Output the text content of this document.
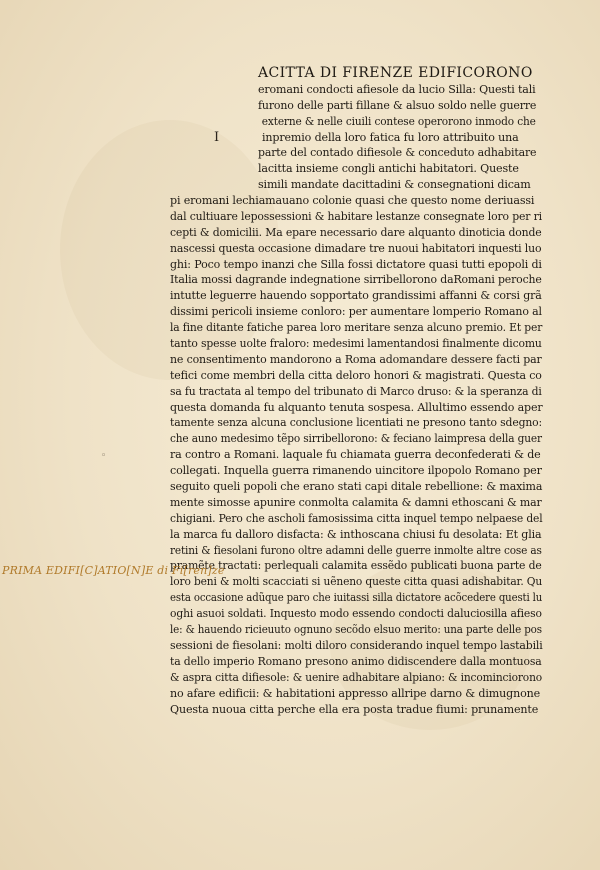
I
ACITTA DI FIRENZE EDIFICORONO
eromani condocti afiesole da lucio Silla: Questi tali
furono delle parti fillane & alsuo soldo nelle guerre
externe & nelle ciuili contese operorono inmodo che
inpremio della loro fatica fu loro attribuito una
parte del contado difiesole & conceduto adhabitare
lacitta insieme congli antichi habitatori. Queste
simili mandate dacittadini & consegnationi dicam
pi eromani lechiamauano colonie quasi che questo nome deriuassi
dal cultiuare lepossessioni & habitare lestanze consegnate loro per ri
cepti & domicilii. Ma epare necessario dare alquanto dinoticia donde
nascessi questa occasione dimadare tre nuoui habitatori inquesti luo
ghi: Poco tempo inanzi che Silla fossi dictatore quasi tutti epopoli di
Italia mossi dagrande indegnatione sirribellorono daRomani peroche
intutte leguerre hauendo sopportato grandissimi affanni & corsi grã
dissimi pericoli insieme conloro: per aumentare lomperio Romano al
la fine ditante fatiche parea loro meritare senza alcuno premio. Et per
tanto spesse uolte fraloro: medesimi lamentandosi finalmente dicomu
ne consentimento mandorono a Roma adomandare dessere facti par
tefici come membri della citta deloro honori & magistrati. Questa co
sa fu tractata al tempo del tribunato di Marco druso: & la speranza di
questa domanda fu alquanto tenuta sospesa. Allultimo essendo aper
tamente senza alcuna conclusione licentiati ne presono tanto sdegno:
che auno medesimo tẽpo sirribellorono: & feciano laimpresa della guer
ra contro a Romani. laquale fu chiamata guerra deconfederati & de
collegati. Inquella guerra rimanendo uincitore ilpopolo Romano per
seguito queli popoli che erano stati capi ditale rebellione: & maxima
mente simosse apunire conmolta calamita & damni ethoscani & mar
chigiani. Pero che ascholi famosissima citta inquel tempo nelpaese del
la marca fu dalloro disfacta: & inthoscana chiusi fu desolata: Et glia
retini & fiesolani furono oltre adamni delle guerre inmolte altre cose as
pramẽte tractati: perlequali calamita essẽdo publicati buona parte de
loro beni & molti scacciati si uẽneno queste citta quasi adishabitar. Qu
esta occasione adũque paro che iuitassi silla dictatore acõcedere questi lu
oghi asuoi soldati. Inquesto modo essendo condocti daluciosilla afieso
le: & hauendo ricieuuto ognuno secõdo elsuo merito: una parte delle pos
sessioni de fiesolani: molti diloro considerando inquel tempo lastabili
ta dello imperio Romano presono animo didiscendere dalla montuosa
& aspra citta difiesole: & uenire adhabitare alpiano: & incominciorono
no afare edificii: & habitationi appresso allripe darno & dimugnone
Questa nuoua citta perche ella era posta tradue fiumi: prunamente
◦
PRIMA EDIFI[C]ATIO[N]E di Fi[ren]ze
